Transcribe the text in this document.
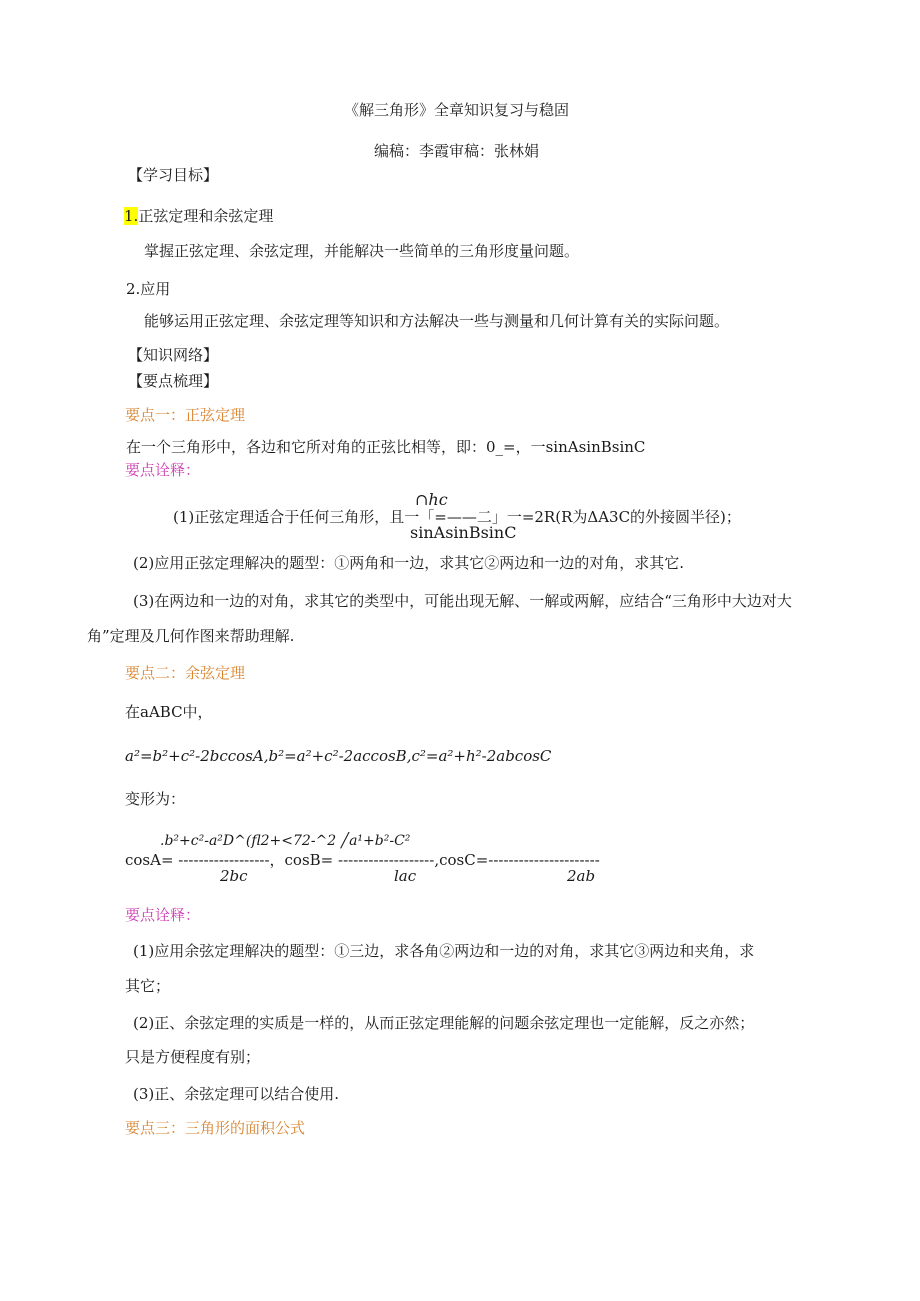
《解三角形》全章知识复习与稳固
编稿：李霞审稿：张林娟
【学习目标】
1.正弦定理和余弦定理
掌握正弦定理、余弦定理，并能解决一些简单的三角形度量问题。
2.应用
能够运用正弦定理、余弦定理等知识和方法解决一些与测量和几何计算有关的实际问题。
【知识网络】
【要点梳理】
要点一：正弦定理
在一个三角形中，各边和它所对角的正弦比相等，即：0_=，一sinAsinBsinC
要点诠释：
∩hc
(1)正弦定理适合于任何三角形，且一「=——二」一=2R(R为ΔA3C的外接圆半径)；
sinAsinBsinC
(2)应用正弦定理解决的题型：①两角和一边，求其它②两边和一边的对角，求其它.
(3)在两边和一边的对角，求其它的类型中，可能出现无解、一解或两解，应结合“三角形中大边对大
角”定理及几何作图来帮助理解.
要点二：余弦定理
在aABC中，
a²=b²+c²-2bccosA,b²=a²+c²-2accosB,c²=a²+h²-2abcosC
变形为：
.b²+c²-a²D^(fl2+<72-^2 ╱a¹+b²-C²
cosA= ------------------，cosB= -------------------,cosC=----------------------
2bc	lac	2ab
要点诠释：
(1)应用余弦定理解决的题型：①三边，求各角②两边和一边的对角，求其它③两边和夹角，求
其它；
(2)正、余弦定理的实质是一样的，从而正弦定理能解的问题余弦定理也一定能解，反之亦然；
只是方便程度有别；
(3)正、余弦定理可以结合使用.
要点三：三角形的面积公式
